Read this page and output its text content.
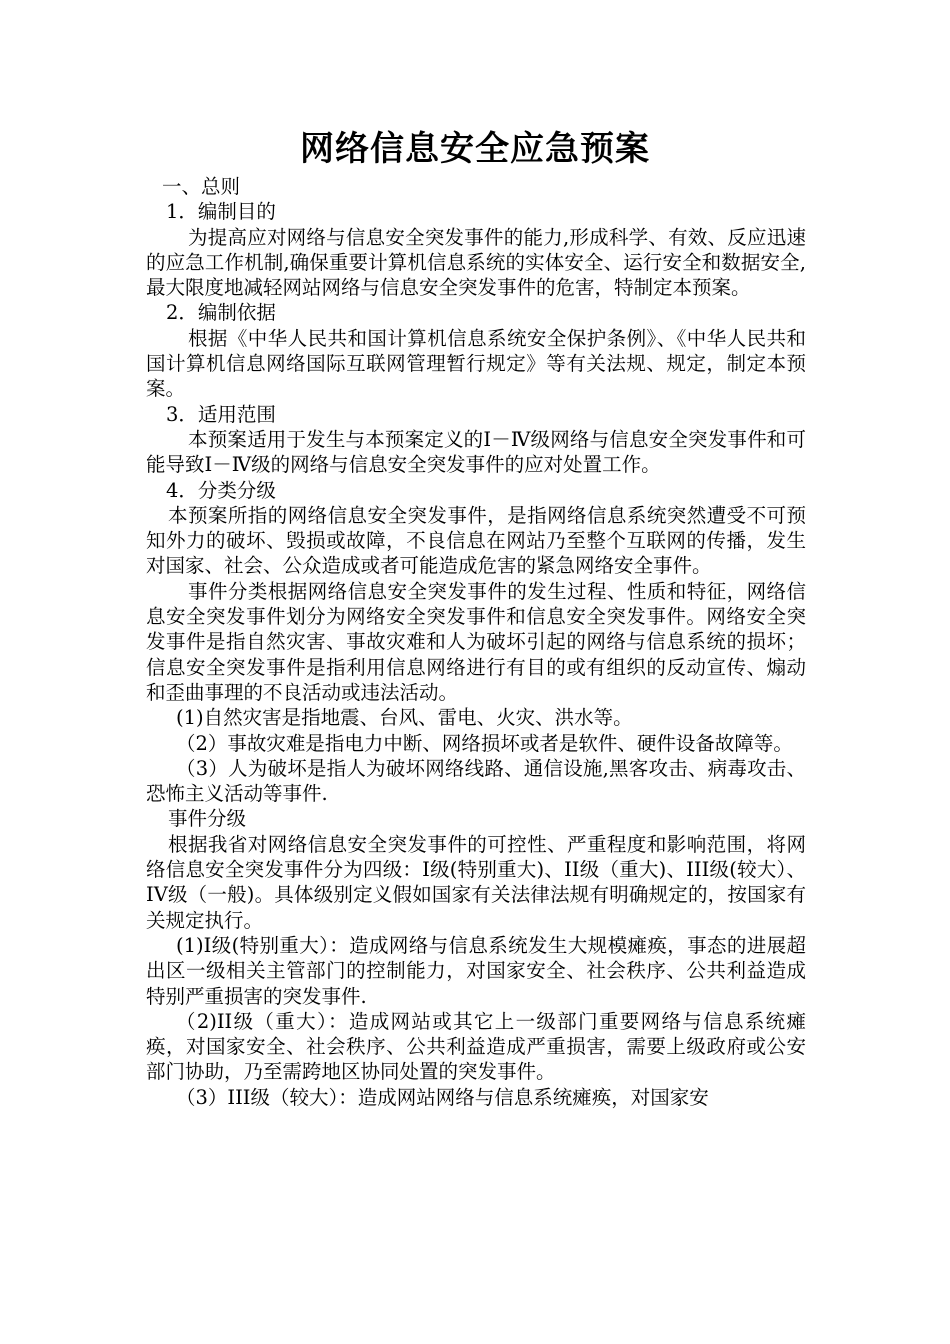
网络信息安全应急预案

一、总则

1．编制目的

为提高应对网络与信息安全突发事件的能力,形成科学、有效、反应迅速的应急工作机制,确保重要计算机信息系统的实体安全、运行安全和数据安全,最大限度地减轻网站网络与信息安全突发事件的危害，特制定本预案。

2．编制依据

根据《中华人民共和国计算机信息系统安全保护条例》、《中华人民共和国计算机信息网络国际互联网管理暂行规定》等有关法规、规定，制定本预案。

3．适用范围

本预案适用于发生与本预案定义的Ⅰ－Ⅳ级网络与信息安全突发事件和可能导致Ⅰ－Ⅳ级的网络与信息安全突发事件的应对处置工作。

4．分类分级

本预案所指的网络信息安全突发事件，是指网络信息系统突然遭受不可预知外力的破坏、毁损或故障，不良信息在网站乃至整个互联网的传播，发生对国家、社会、公众造成或者可能造成危害的紧急网络安全事件。

事件分类根据网络信息安全突发事件的发生过程、性质和特征，网络信息安全突发事件划分为网络安全突发事件和信息安全突发事件。网络安全突发事件是指自然灾害、事故灾难和人为破坏引起的网络与信息系统的损坏；信息安全突发事件是指利用信息网络进行有目的或有组织的反动宣传、煽动和歪曲事理的不良活动或违法活动。

(1)自然灾害是指地震、台风、雷电、火灾、洪水等。

（2）事故灾难是指电力中断、网络损坏或者是软件、硬件设备故障等。

（3）人为破坏是指人为破坏网络线路、通信设施,黑客攻击、病毒攻击、恐怖主义活动等事件.

事件分级

根据我省对网络信息安全突发事件的可控性、严重程度和影响范围，将网络信息安全突发事件分为四级：I级(特别重大)、II级（重大)、III级(较大）、IV级（一般)。具体级别定义假如国家有关法律法规有明确规定的，按国家有关规定执行。

(1)I级(特别重大）：造成网络与信息系统发生大规模瘫痪，事态的进展超出区一级相关主管部门的控制能力，对国家安全、社会秩序、公共利益造成特别严重损害的突发事件.

（2)II级（重大）：造成网站或其它上一级部门重要网络与信息系统瘫痪，对国家安全、社会秩序、公共利益造成严重损害，需要上级政府或公安部门协助，乃至需跨地区协同处置的突发事件。

（3）III级（较大）：造成网站网络与信息系统瘫痪，对国家安
